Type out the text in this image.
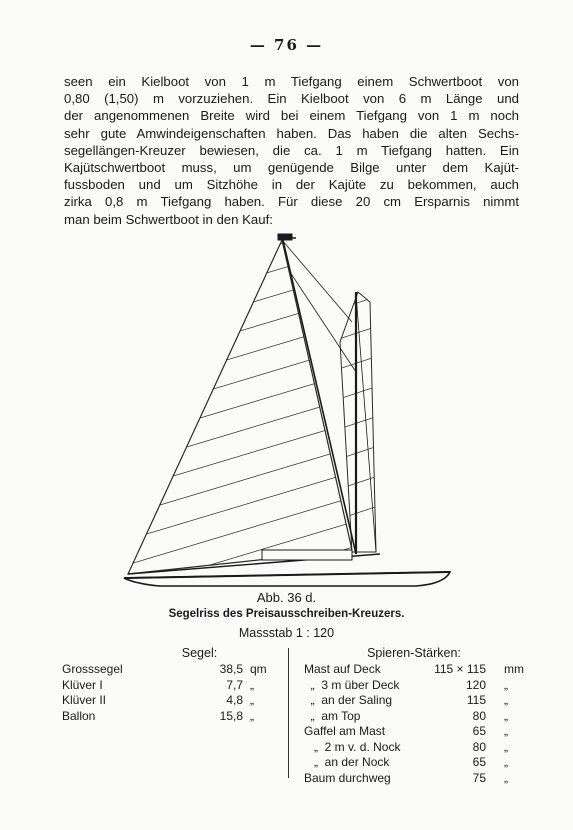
— 76 —
seen ein Kielboot von 1 m Tiefgang einem Schwertboot von
0,80 (1,50) m vorzuziehen. Ein Kielboot von 6 m Länge und
der angenommenen Breite wird bei einem Tiefgang von 1 m noch
sehr gute Amwindeigenschaften haben. Das haben die alten Sechs-
segellängen-Kreuzer bewiesen, die ca. 1 m Tiefgang hatten. Ein
Kajütschwertboot muss, um genügende Bilge unter dem Kajüt-
fussboden und um Sitzhöhe in der Kajüte zu bekommen, auch
zirka 0,8 m Tiefgang haben. Für diese 20 cm Ersparnis nimmt
man beim Schwertboot in den Kauf:
Abb. 36 d.
Segelriss des Preisausschreiben-Kreuzers.
Massstab 1 : 120
Segel:
Grosssegel	38,5 qm
Klüver I	7,7 „
Klüver II	4,8 „
Ballon	15,8 „
Spieren-Stärken:
Mast auf Deck	115 × 115 mm
„  3 m über Deck	120 „
„  an der Saling	115 „
„  am Top	80 „
Gaffel am Mast	65 „
„  2 m v. d. Nock	80 „
„  an der Nock	65 „
Baum durchweg	75 „
